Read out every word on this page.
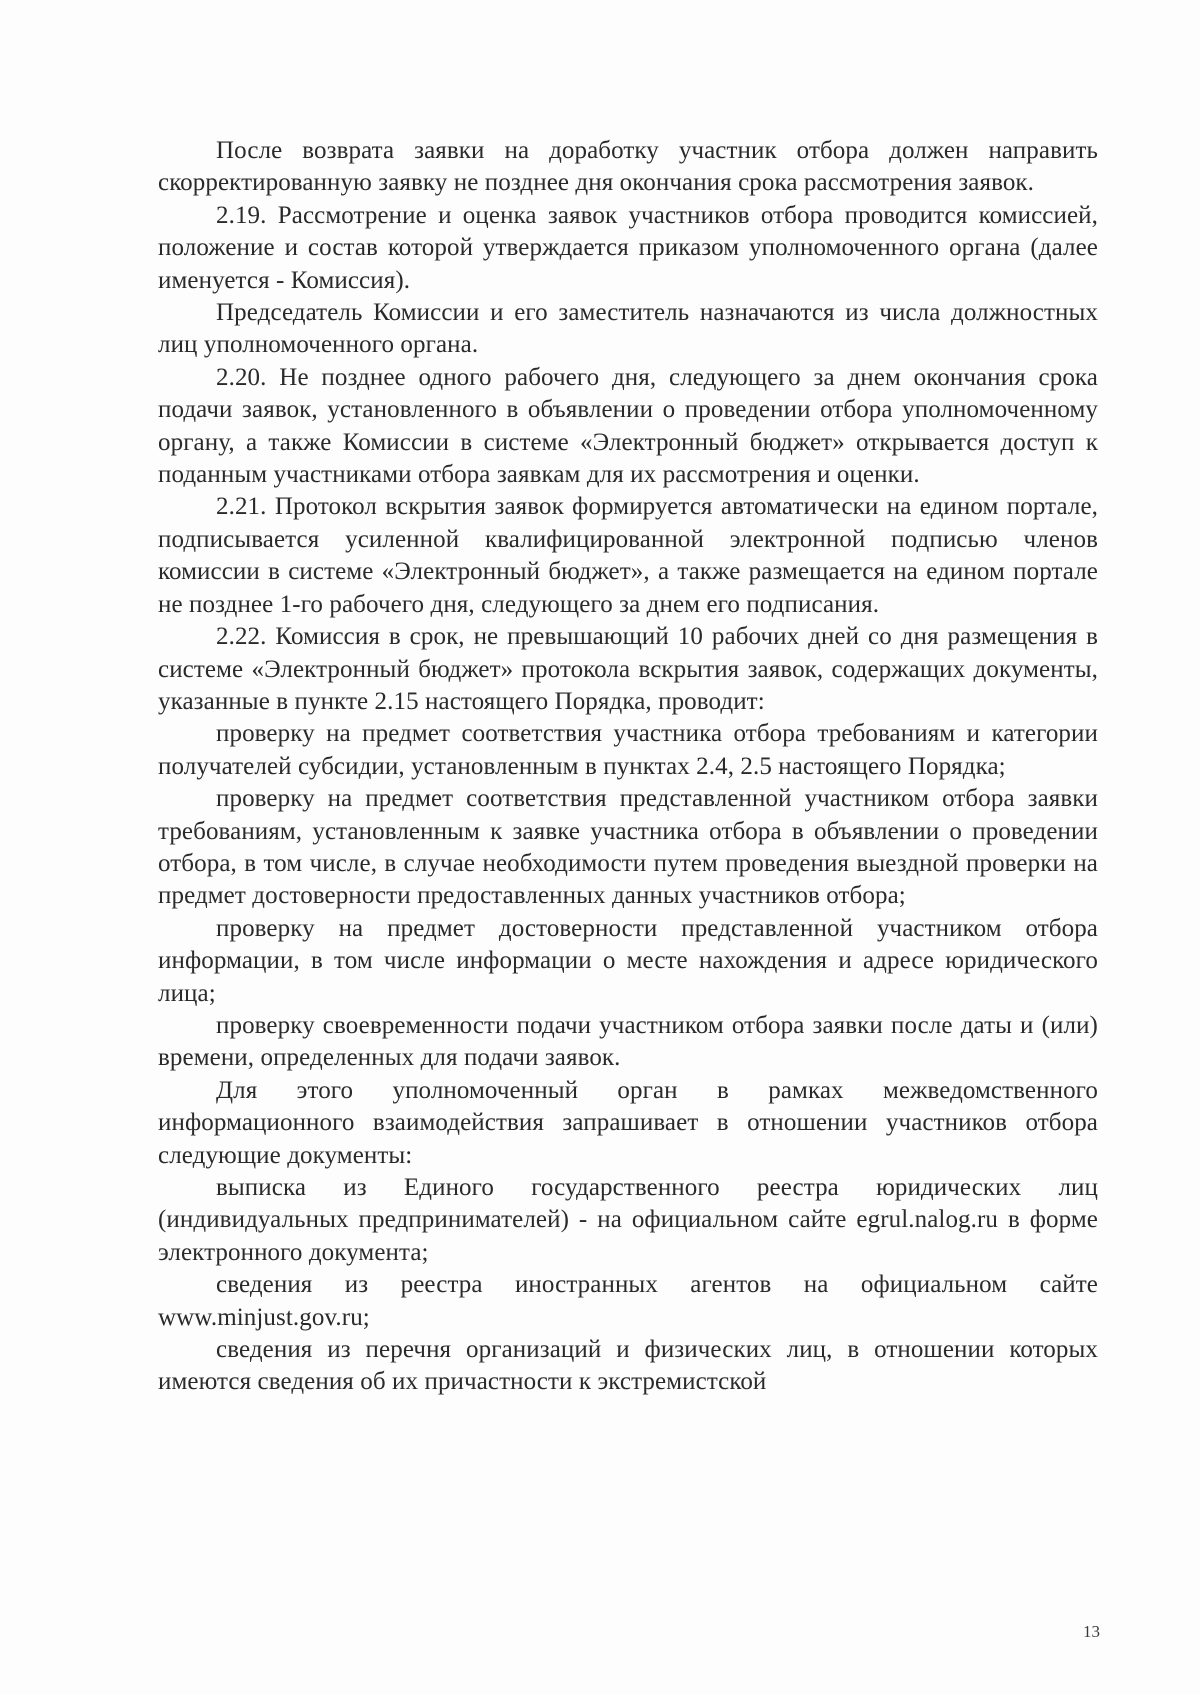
После возврата заявки на доработку участник отбора должен направить скорректированную заявку не позднее дня окончания срока рассмотрения заявок.

2.19. Рассмотрение и оценка заявок участников отбора проводится комиссией, положение и состав которой утверждается приказом уполномоченного органа (далее именуется - Комиссия).

Председатель Комиссии и его заместитель назначаются из числа должностных лиц уполномоченного органа.

2.20. Не позднее одного рабочего дня, следующего за днем окончания срока подачи заявок, установленного в объявлении о проведении отбора уполномоченному органу, а также Комиссии в системе «Электронный бюджет» открывается доступ к поданным участниками отбора заявкам для их рассмотрения и оценки.

2.21. Протокол вскрытия заявок формируется автоматически на едином портале, подписывается усиленной квалифицированной электронной подписью членов комиссии в системе «Электронный бюджет», а также размещается на едином портале не позднее 1-го рабочего дня, следующего за днем его подписания.

2.22. Комиссия в срок, не превышающий 10 рабочих дней со дня размещения в системе «Электронный бюджет» протокола вскрытия заявок, содержащих документы, указанные в пункте 2.15 настоящего Порядка, проводит:

проверку на предмет соответствия участника отбора требованиям и категории получателей субсидии, установленным в пунктах 2.4, 2.5 настоящего Порядка;

проверку на предмет соответствия представленной участником отбора заявки требованиям, установленным к заявке участника отбора в объявлении о проведении отбора, в том числе, в случае необходимости путем проведения выездной проверки на предмет достоверности предоставленных данных участников отбора;

проверку на предмет достоверности представленной участником отбора информации, в том числе информации о месте нахождения и адресе юридического лица;

проверку своевременности подачи участником отбора заявки после даты и (или) времени, определенных для подачи заявок.

Для этого уполномоченный орган в рамках межведомственного информационного взаимодействия запрашивает в отношении участников отбора следующие документы:

выписка из Единого государственного реестра юридических лиц (индивидуальных предпринимателей) - на официальном сайте egrul.nalog.ru в форме электронного документа;

сведения из реестра иностранных агентов на официальном сайте www.minjust.gov.ru;

сведения из перечня организаций и физических лиц, в отношении которых имеются сведения об их причастности к экстремистской

13
